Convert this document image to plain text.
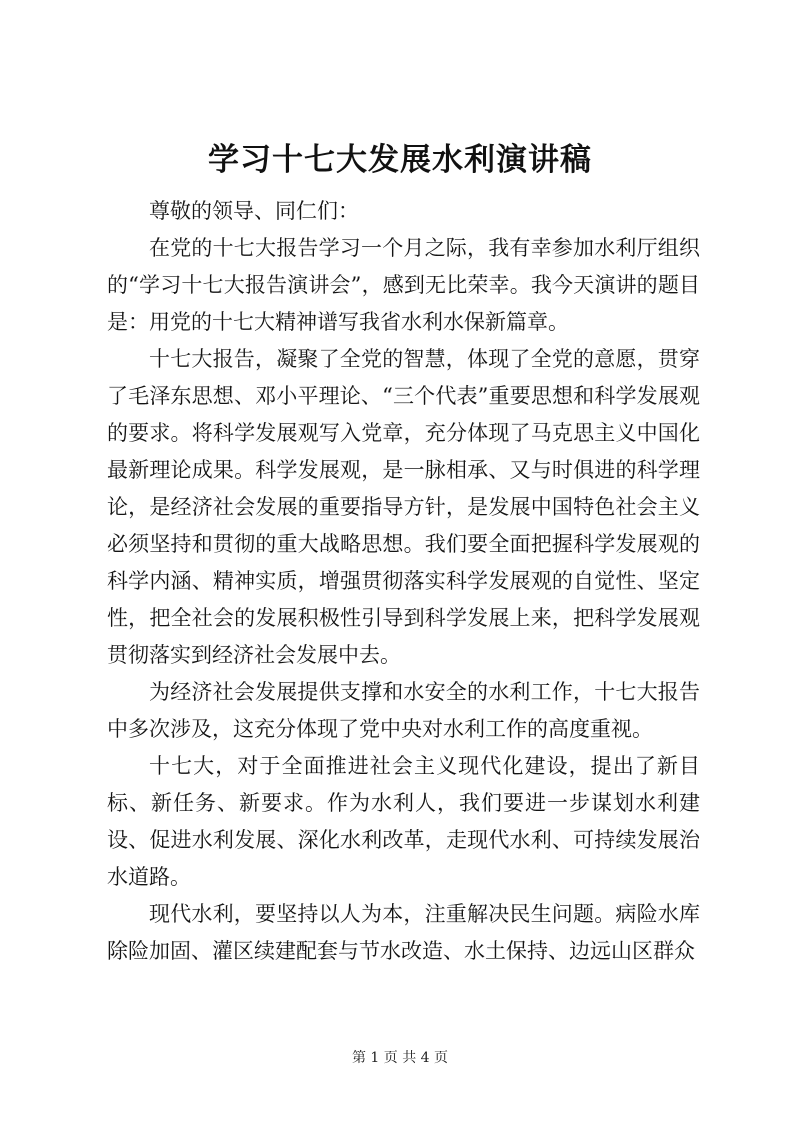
学习十七大发展水利演讲稿

尊敬的领导、同仁们：

在党的十七大报告学习一个月之际，我有幸参加水利厅组织的“学习十七大报告演讲会”，感到无比荣幸。我今天演讲的题目是：用党的十七大精神谱写我省水利水保新篇章。

十七大报告，凝聚了全党的智慧，体现了全党的意愿，贯穿了毛泽东思想、邓小平理论、“三个代表”重要思想和科学发展观的要求。将科学发展观写入党章，充分体现了马克思主义中国化最新理论成果。科学发展观，是一脉相承、又与时俱进的科学理论，是经济社会发展的重要指导方针，是发展中国特色社会主义必须坚持和贯彻的重大战略思想。我们要全面把握科学发展观的科学内涵、精神实质，增强贯彻落实科学发展观的自觉性、坚定性，把全社会的发展积极性引导到科学发展上来，把科学发展观贯彻落实到经济社会发展中去。

为经济社会发展提供支撑和水安全的水利工作，十七大报告中多次涉及，这充分体现了党中央对水利工作的高度重视。

十七大，对于全面推进社会主义现代化建设，提出了新目标、新任务、新要求。作为水利人，我们要进一步谋划水利建设、促进水利发展、深化水利改革，走现代水利、可持续发展治水道路。

现代水利，要坚持以人为本，注重解决民生问题。病险水库除险加固、灌区续建配套与节水改造、水土保持、边远山区群众

第 1 页 共 4 页
